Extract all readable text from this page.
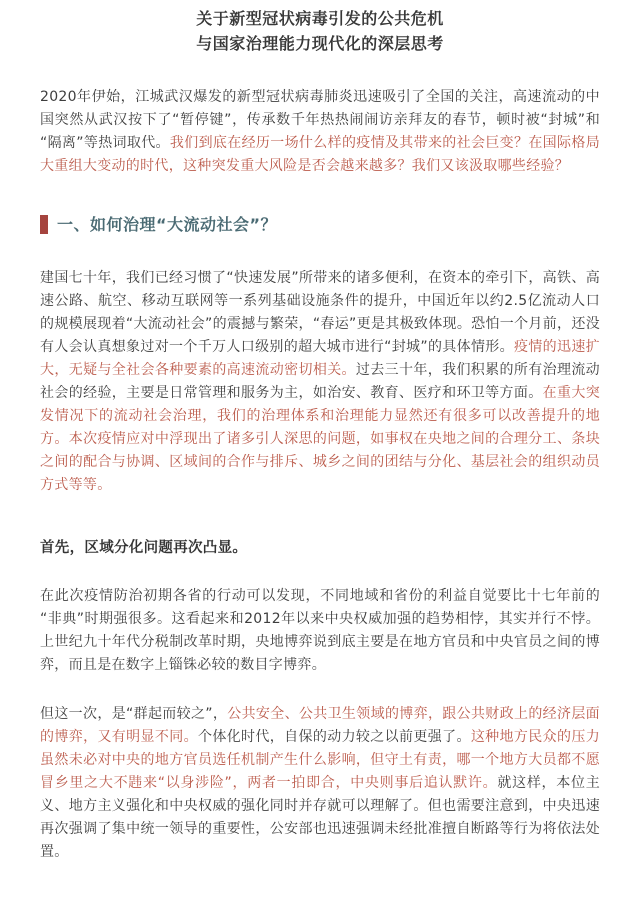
关于新型冠状病毒引发的公共危机
与国家治理能力现代化的深层思考

2020年伊始，江城武汉爆发的新型冠状病毒肺炎迅速吸引了全国的关注，高速流动的中国突然从武汉按下了“暂停键”，传承数千年热热闹闹访亲拜友的春节，顿时被“封城”和“隔离”等热词取代。我们到底在经历一场什么样的疫情及其带来的社会巨变？在国际格局大重组大变动的时代，这种突发重大风险是否会越来越多？我们又该汲取哪些经验？

一、如何治理“大流动社会”？

建国七十年，我们已经习惯了“快速发展”所带来的诸多便利，在资本的牵引下，高铁、高速公路、航空、移动互联网等一系列基础设施条件的提升，中国近年以约2.5亿流动人口的规模展现着“大流动社会”的震撼与繁荣，“春运”更是其极致体现。恐怕一个月前，还没有人会认真想象过对一个千万人口级别的超大城市进行“封城”的具体情形。疫情的迅速扩大，无疑与全社会各种要素的高速流动密切相关。过去三十年，我们积累的所有治理流动社会的经验，主要是日常管理和服务为主，如治安、教育、医疗和环卫等方面。在重大突发情况下的流动社会治理，我们的治理体系和治理能力显然还有很多可以改善提升的地方。本次疫情应对中浮现出了诸多引人深思的问题，如事权在央地之间的合理分工、条块之间的配合与协调、区域间的合作与排斥、城乡之间的团结与分化、基层社会的组织动员方式等等。

首先，区域分化问题再次凸显。

在此次疫情防治初期各省的行动可以发现，不同地域和省份的利益自觉要比十七年前的“非典”时期强很多。这看起来和2012年以来中央权威加强的趋势相悖，其实并行不悖。上世纪九十年代分税制改革时期，央地博弈说到底主要是在地方官员和中央官员之间的博弈，而且是在数字上锱铢必较的数目字博弈。

但这一次，是“群起而较之”，公共安全、公共卫生领域的博弈，跟公共财政上的经济层面的博弈，又有明显不同。个体化时代，自保的动力较之以前更强了。这种地方民众的压力虽然未必对中央的地方官员选任机制产生什么影响，但守土有责，哪一个地方大员都不愿冒乡里之大不韪来“以身涉险”，两者一拍即合，中央则事后追认默许。就这样，本位主义、地方主义强化和中央权威的强化同时并存就可以理解了。但也需要注意到，中央迅速再次强调了集中统一领导的重要性，公安部也迅速强调未经批准擅自断路等行为将依法处置。
